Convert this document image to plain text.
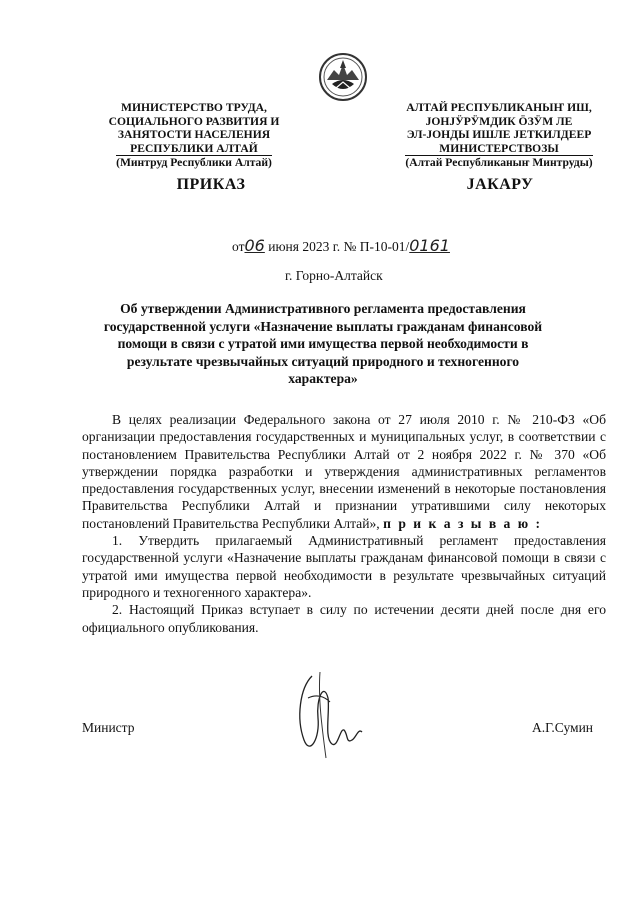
МИНИСТЕРСТВО ТРУДА,
СОЦИАЛЬНОГО РАЗВИТИЯ И
ЗАНЯТОСТИ НАСЕЛЕНИЯ
РЕСПУБЛИКИ АЛТАЙ
(Минтруд Республики Алтай)
АЛТАЙ РЕСПУБЛИКАНЫҤ ИШ,
ЈОНЈӰРӰМДИК ӦЗӰМ ЛЕ
ЭЛ-ЈОНДЫ ИШЛЕ ЈЕТКИЛДЕЕР
МИНИСТЕРСТВОЗЫ
(Алтай Республиканыҥ Минтруды)
ПРИКАЗ	ЈАКАРУ
от06 июня 2023 г. № П-10-01/0161
г. Горно-Алтайск
Об утверждении Административного регламента предоставления государственной услуги «Назначение выплаты гражданам финансовой помощи в связи с утратой ими имущества первой необходимости в результате чрезвычайных ситуаций природного и техногенного характера»

В целях реализации Федерального закона от 27 июля 2010 г. № 210-ФЗ «Об организации предоставления государственных и муниципальных услуг, в соответствии с постановлением Правительства Республики Алтай от 2 ноября 2022 г. № 370 «Об утверждении порядка разработки и утверждения административных регламентов предоставления государственных услуг, внесении изменений в некоторые постановления Правительства Республики Алтай и признании утратившими силу некоторых постановлений Правительства Республики Алтай», п р и к а з ы в а ю :

1. Утвердить прилагаемый Административный регламент предоставления государственной услуги «Назначение выплаты гражданам финансовой помощи в связи с утратой ими имущества первой необходимости в результате чрезвычайных ситуаций природного и техногенного характера».

2. Настоящий Приказ вступает в силу по истечении десяти дней после дня его официального опубликования.

Министр	А.Г.Сумин
